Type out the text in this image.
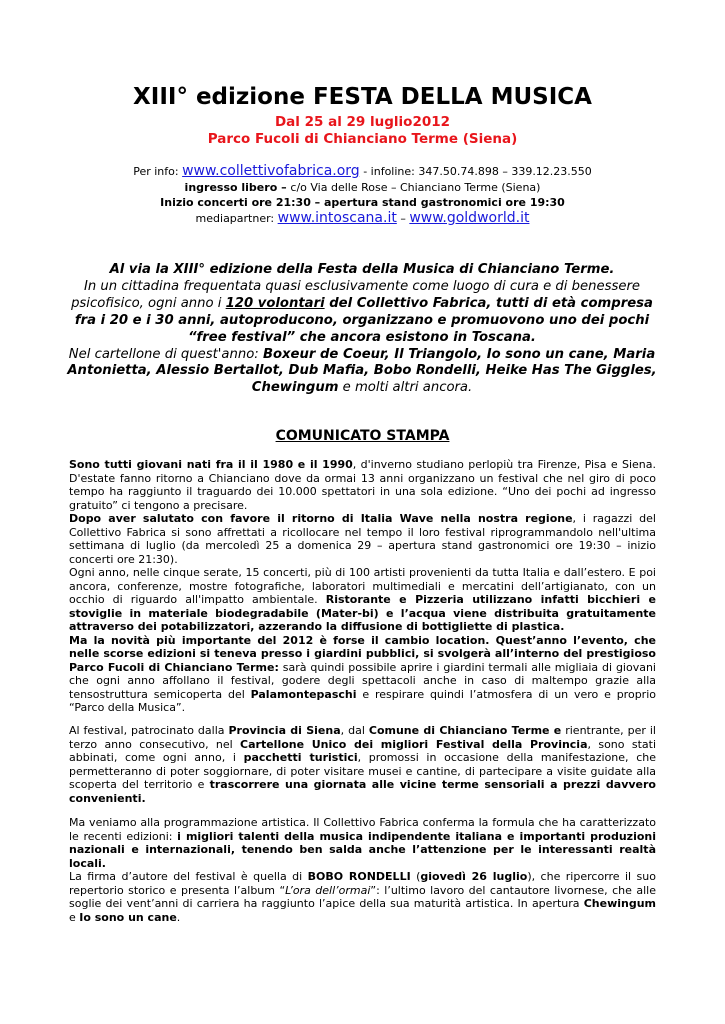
XIII° edizione FESTA DELLA MUSICA
Dal 25 al 29 luglio2012
Parco Fucoli di Chianciano Terme (Siena)
Per info: www.collettivofabrica.org - infoline: 347.50.74.898 – 339.12.23.550
ingresso libero – c/o Via delle Rose – Chianciano Terme (Siena)
Inizio concerti ore 21:30 – apertura stand gastronomici ore 19:30
mediapartner: www.intoscana.it – www.goldworld.it
Al via la XIII° edizione della Festa della Musica di Chianciano Terme.
In un cittadina frequentata quasi esclusivamente come luogo di cura e di benessere psicofisico, ogni anno i 120 volontari del Collettivo Fabrica, tutti di età compresa fra i 20 e i 30 anni, autoproducono, organizzano e promuovono uno dei pochi “free festival” che ancora esistono in Toscana.
Nel cartellone di quest'anno: Boxeur de Coeur, Il Triangolo, Io sono un cane, Maria Antonietta, Alessio Bertallot, Dub Mafia, Bobo Rondelli, Heike Has The Giggles, Chewingum e molti altri ancora.
COMUNICATO STAMPA

Sono tutti giovani nati fra il il 1980 e il 1990, d'inverno studiano perlopiù tra Firenze, Pisa e Siena. D'estate fanno ritorno a Chianciano dove da ormai 13 anni organizzano un festival che nel giro di poco tempo ha raggiunto il traguardo dei 10.000 spettatori in una sola edizione. “Uno dei pochi ad ingresso gratuito” ci tengono a precisare.

Dopo aver salutato con favore il ritorno di Italia Wave nella nostra regione, i ragazzi del Collettivo Fabrica si sono affrettati a ricollocare nel tempo il loro festival riprogrammandolo nell'ultima settimana di luglio (da mercoledì 25 a domenica 29 – apertura stand gastronomici ore 19:30 – inizio concerti ore 21:30).

Ogni anno, nelle cinque serate, 15 concerti, più di 100 artisti provenienti da tutta Italia e dall’estero. E poi ancora, conferenze, mostre fotografiche, laboratori multimediali e mercatini dell’artigianato, con un occhio di riguardo all'impatto ambientale. Ristorante e Pizzeria utilizzano infatti bicchieri e stoviglie in materiale biodegradabile (Mater-bi) e l’acqua viene distribuita gratuitamente attraverso dei potabilizzatori, azzerando la diffusione di bottigliette di plastica.

Ma la novità più importante del 2012 è forse il cambio location. Quest’anno l’evento, che nelle scorse edizioni si teneva presso i giardini pubblici, si svolgerà all’interno del prestigioso Parco Fucoli di Chianciano Terme: sarà quindi possibile aprire i giardini termali alle migliaia di giovani che ogni anno affollano il festival, godere degli spettacoli anche in caso di maltempo grazie alla tensostruttura semicoperta del Palamontepaschi e respirare quindi l’atmosfera di un vero e proprio “Parco della Musica”.

Al festival, patrocinato dalla Provincia di Siena, dal Comune di Chianciano Terme e rientrante, per il terzo anno consecutivo, nel Cartellone Unico dei migliori Festival della Provincia, sono stati abbinati, come ogni anno, i pacchetti turistici, promossi in occasione della manifestazione, che permetteranno di poter soggiornare, di poter visitare musei e cantine, di partecipare a visite guidate alla scoperta del territorio e trascorrere una giornata alle vicine terme sensoriali a prezzi davvero convenienti.

Ma veniamo alla programmazione artistica. Il Collettivo Fabrica conferma la formula che ha caratterizzato le recenti edizioni: i migliori talenti della musica indipendente italiana e importanti produzioni nazionali e internazionali, tenendo ben salda anche l’attenzione per le interessanti realtà locali.

La firma d’autore del festival è quella di BOBO RONDELLI (giovedì 26 luglio), che ripercorre il suo repertorio storico e presenta l’album “L’ora dell’ormai”: l’ultimo lavoro del cantautore livornese, che alle soglie dei vent’anni di carriera ha raggiunto l’apice della sua maturità artistica. In apertura Chewingum e Io sono un cane.
